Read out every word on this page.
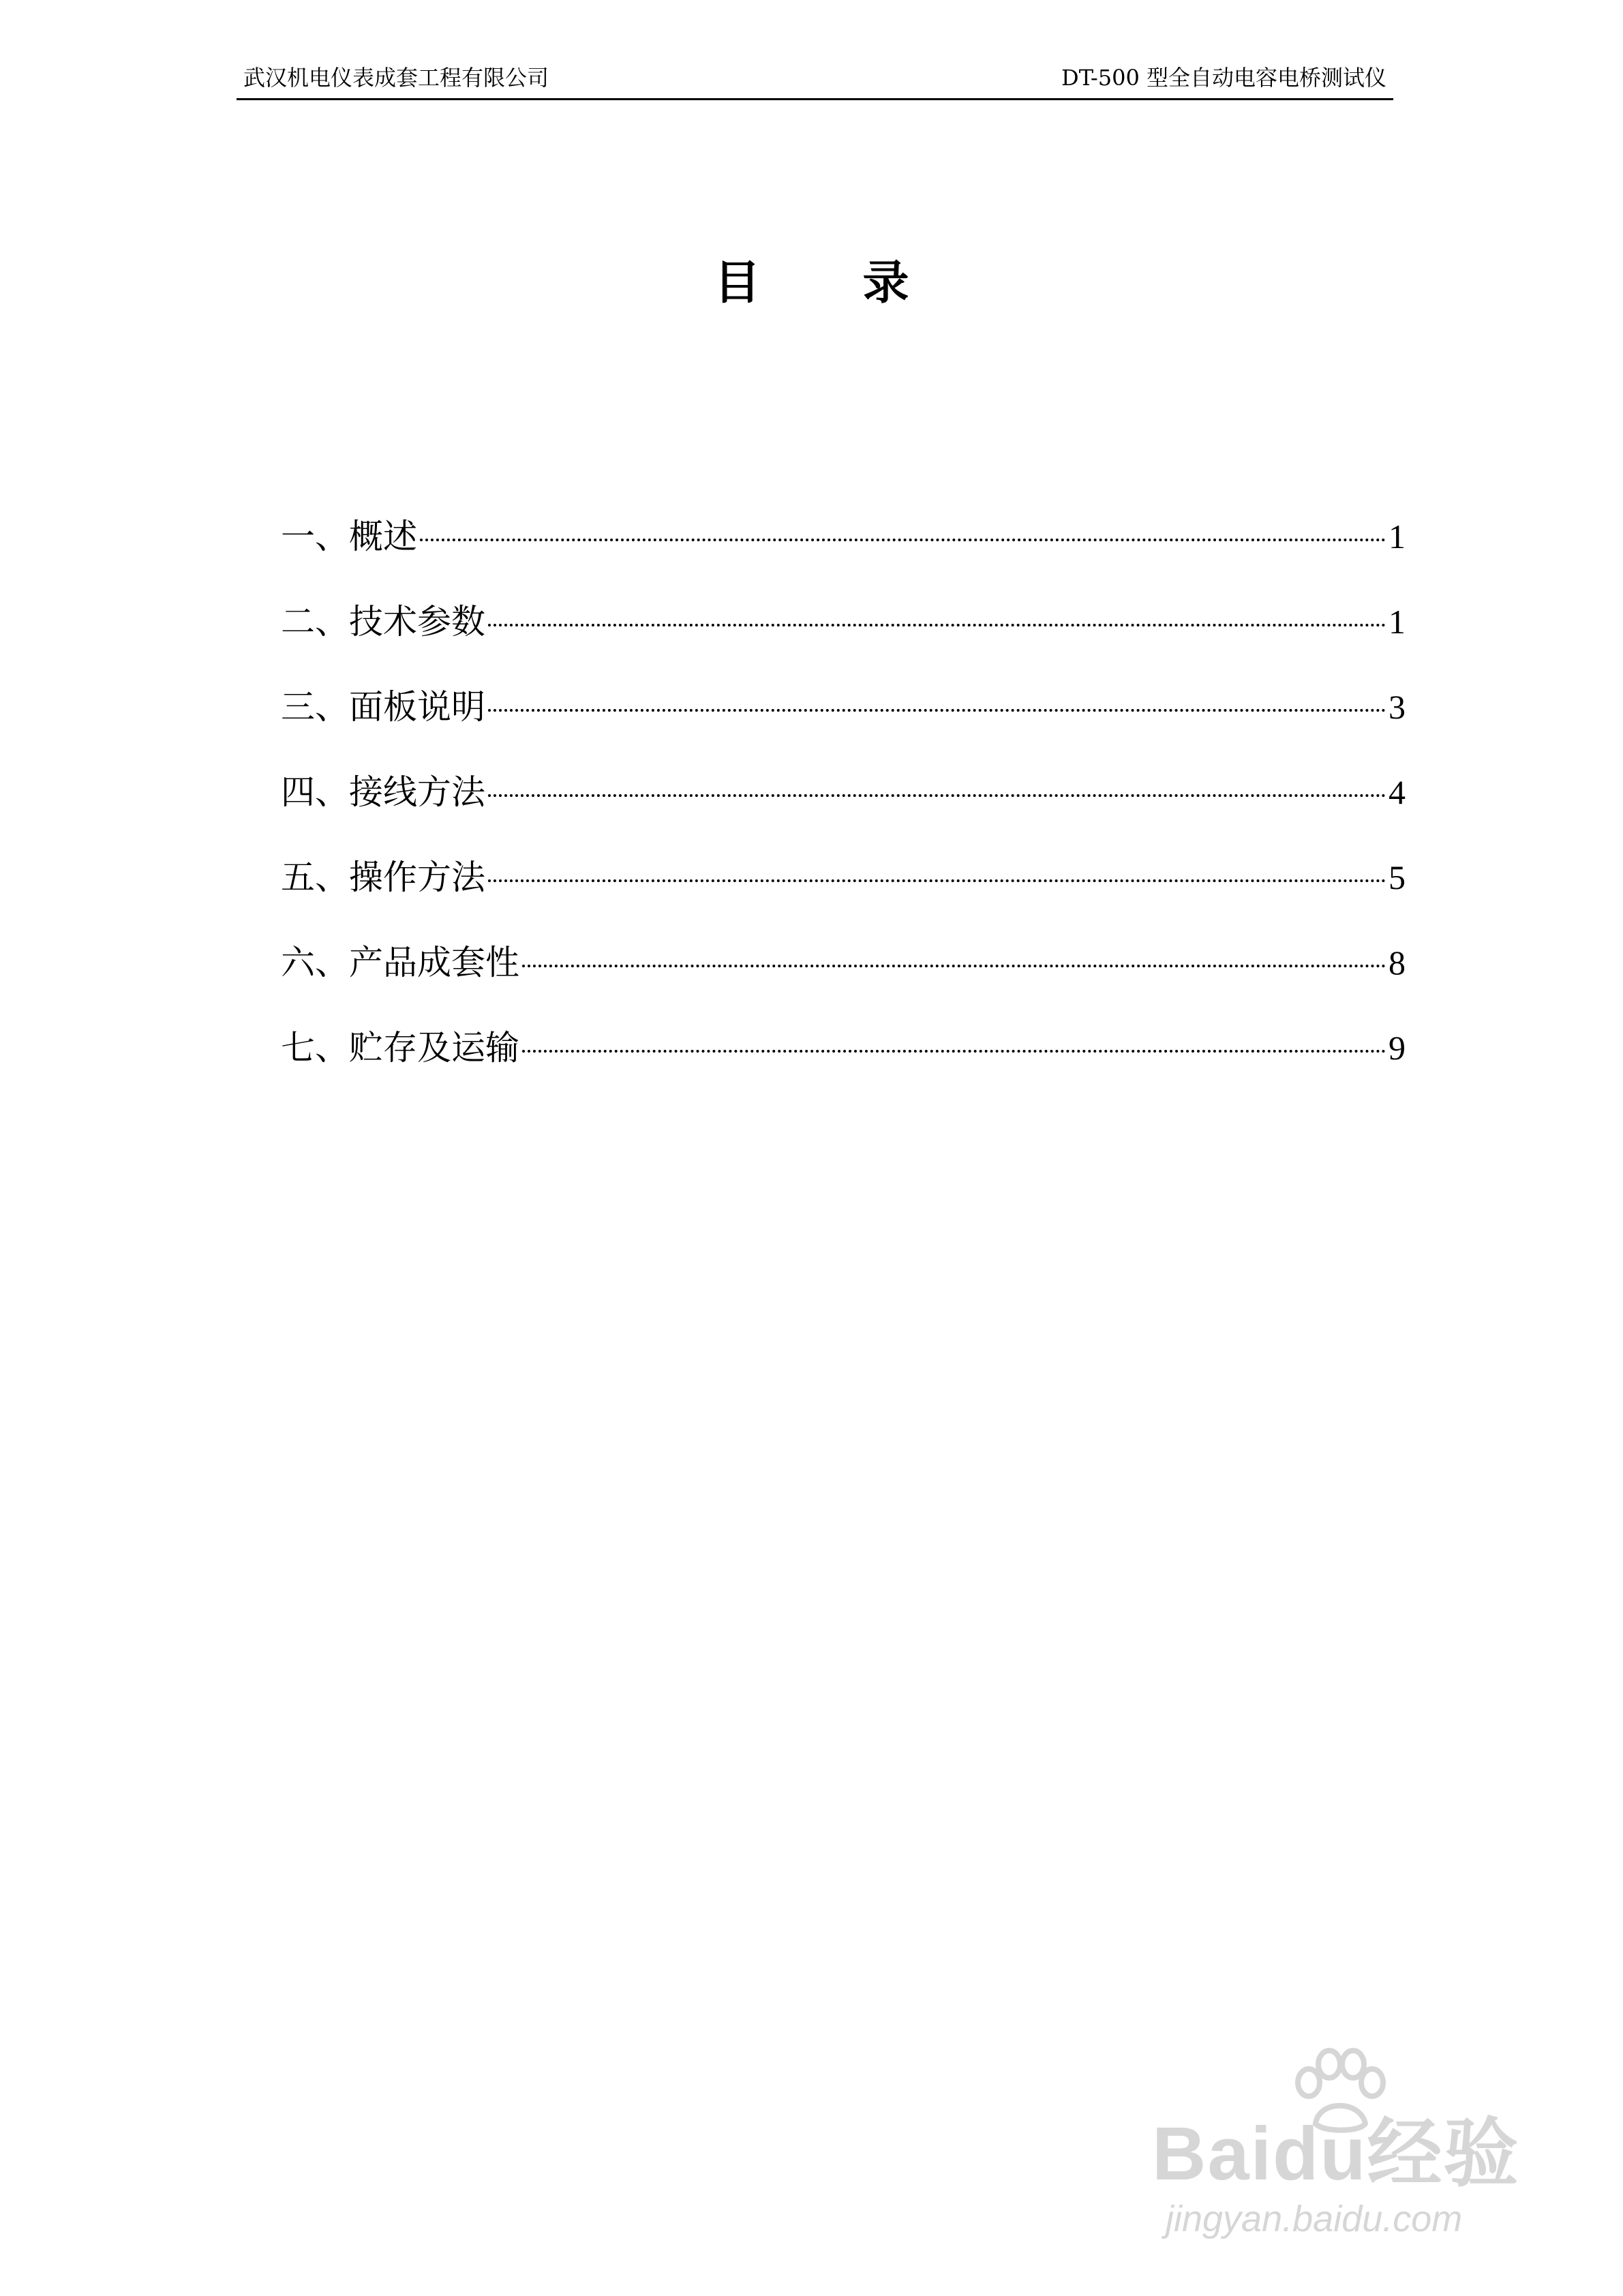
武汉机电仪表成套工程有限公司	DT-500 型全自动电容电桥测试仪
目录
一、概述	1
二、技术参数	1
三、面板说明	3
四、接线方法	4
五、操作方法	5
六、产品成套性	8
七、贮存及运输	9
Baidu经验
jingyan.baidu.com
